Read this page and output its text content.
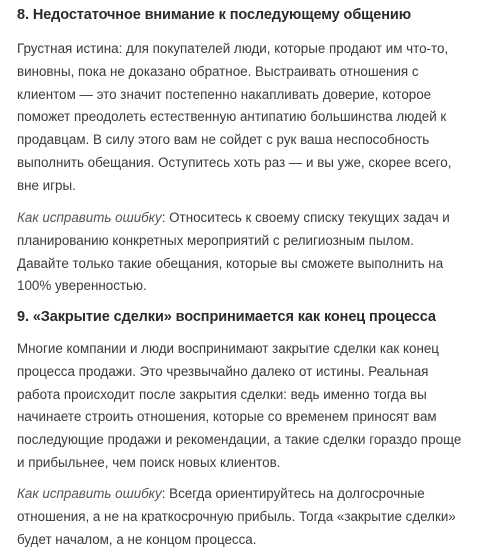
8. Недостаточное внимание к последующему общению

Грустная истина: для покупателей люди, которые продают им что-то,
виновны, пока не доказано обратное. Выстраивать отношения с
клиентом — это значит постепенно накапливать доверие, которое
поможет преодолеть естественную антипатию большинства людей к
продавцам. В силу этого вам не сойдет с рук ваша неспособность
выполнить обещания. Оступитесь хоть раз — и вы уже, скорее всего,
вне игры.

Как исправить ошибку: Относитесь к своему списку текущих задач и
планированию конкретных мероприятий с религиозным пылом.
Давайте только такие обещания, которые вы сможете выполнить на
100% уверенностью.

9. «Закрытие сделки» воспринимается как конец процесса

Многие компании и люди воспринимают закрытие сделки как конец
процесса продажи. Это чрезвычайно далеко от истины. Реальная
работа происходит после закрытия сделки: ведь именно тогда вы
начинаете строить отношения, которые со временем приносят вам
последующие продажи и рекомендации, а такие сделки гораздо проще
и прибыльнее, чем поиск новых клиентов.

Как исправить ошибку: Всегда ориентируйтесь на долгосрочные
отношения, а не на краткосрочную прибыль. Тогда «закрытие сделки»
будет началом, а не концом процесса.
